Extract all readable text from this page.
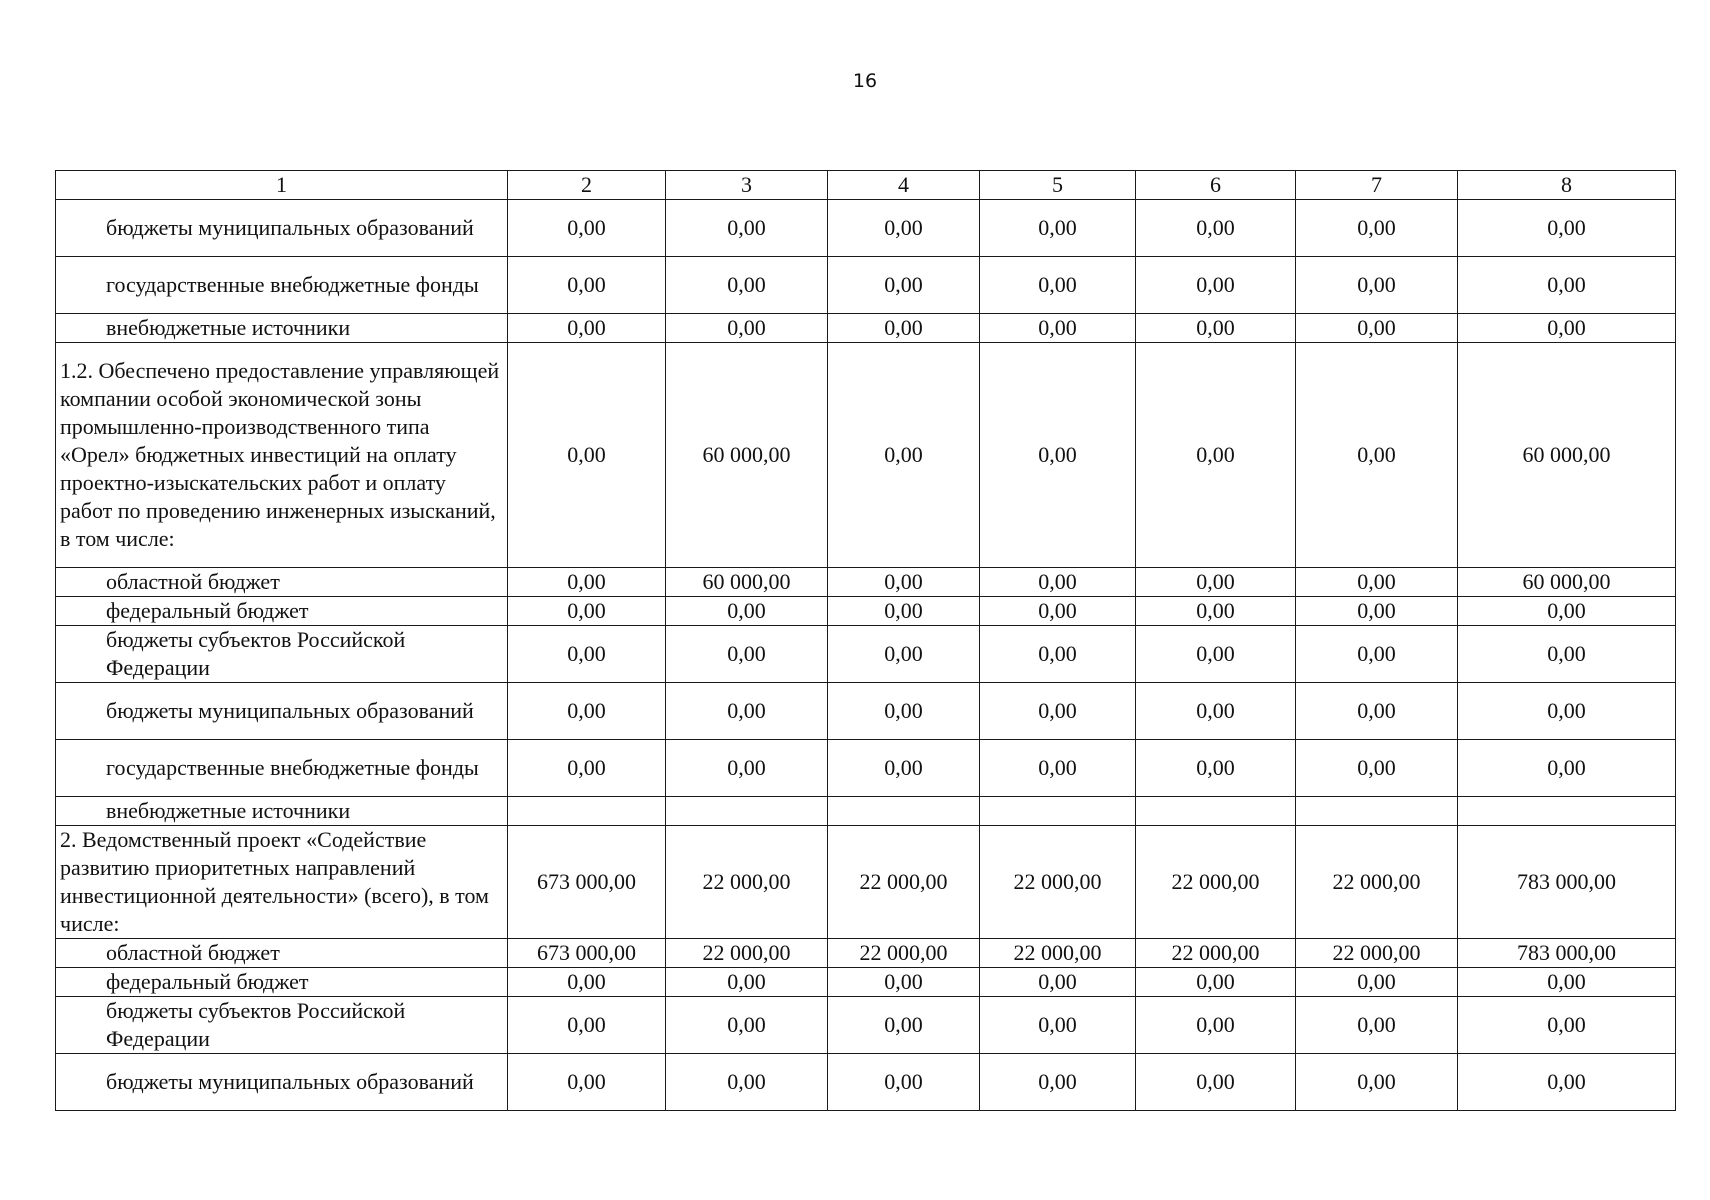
16
1	2	3	4	5	6	7	8
бюджеты муниципальных образований	0,00	0,00	0,00	0,00	0,00	0,00	0,00
государственные внебюджетные фонды	0,00	0,00	0,00	0,00	0,00	0,00	0,00
внебюджетные источники	0,00	0,00	0,00	0,00	0,00	0,00	0,00
1.2. Обеспечено предоставление управляющей компании особой экономической зоны промышленно-производственного типа «Орел» бюджетных инвестиций на оплату проектно-изыскательских работ и оплату работ по проведению инженерных изысканий, в том числе:	0,00	60 000,00	0,00	0,00	0,00	0,00	60 000,00
областной бюджет	0,00	60 000,00	0,00	0,00	0,00	0,00	60 000,00
федеральный бюджет	0,00	0,00	0,00	0,00	0,00	0,00	0,00
бюджеты субъектов Российской Федерации	0,00	0,00	0,00	0,00	0,00	0,00	0,00
бюджеты муниципальных образований	0,00	0,00	0,00	0,00	0,00	0,00	0,00
государственные внебюджетные фонды	0,00	0,00	0,00	0,00	0,00	0,00	0,00
внебюджетные источники							
2. Ведомственный проект «Содействие развитию приоритетных направлений инвестиционной деятельности» (всего), в том числе:	673 000,00	22 000,00	22 000,00	22 000,00	22 000,00	22 000,00	783 000,00
областной бюджет	673 000,00	22 000,00	22 000,00	22 000,00	22 000,00	22 000,00	783 000,00
федеральный бюджет	0,00	0,00	0,00	0,00	0,00	0,00	0,00
бюджеты субъектов Российской Федерации	0,00	0,00	0,00	0,00	0,00	0,00	0,00
бюджеты муниципальных образований	0,00	0,00	0,00	0,00	0,00	0,00	0,00
